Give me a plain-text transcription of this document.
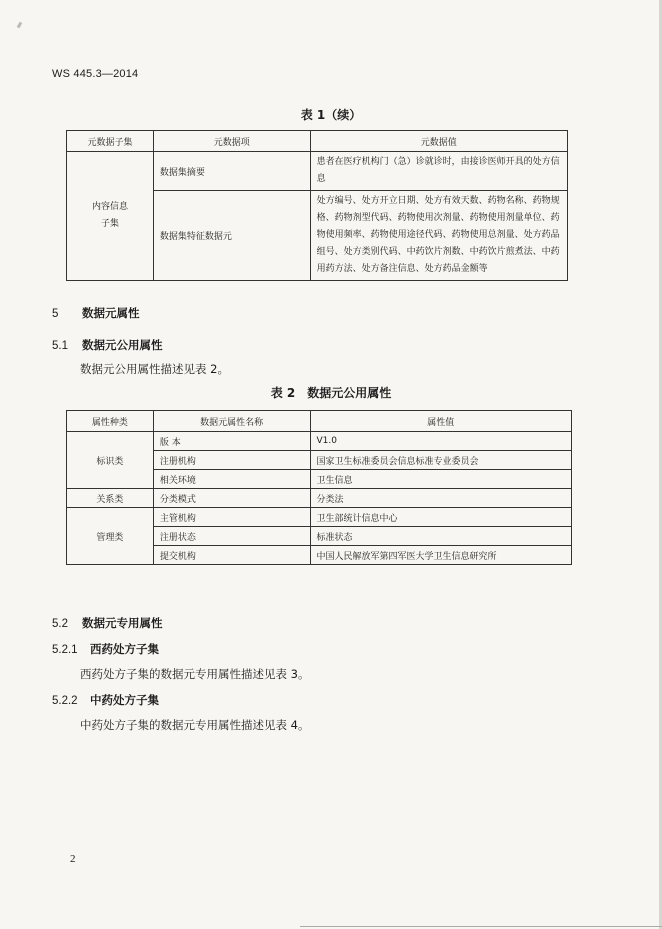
WS 445.3—2014
表 1（续）
元数据子集	元数据项	元数据值
内容信息子集	数据集摘要	患者在医疗机构门（急）诊就诊时，由接诊医师开具的处方信息
	数据集特征数据元	处方编号、处方开立日期、处方有效天数、药物名称、药物规格、药物剂型代码、药物使用次剂量、药物使用剂量单位、药物使用频率、药物使用途径代码、药物使用总剂量、处方药品组号、处方类别代码、中药饮片剂数、中药饮片煎煮法、中药用药方法、处方备注信息、处方药品金额等
5 数据元属性
5.1 数据元公用属性
数据元公用属性描述见表 2。
表 2　数据元公用属性
属性种类	数据元属性名称	属性值
标识类	版 本	V1.0
	注册机构	国家卫生标准委员会信息标准专业委员会
	相关环境	卫生信息
关系类	分类模式	分类法
管理类	主管机构	卫生部统计信息中心
	注册状态	标准状态
	提交机构	中国人民解放军第四军医大学卫生信息研究所
5.2 数据元专用属性
5.2.1 西药处方子集
西药处方子集的数据元专用属性描述见表 3。
5.2.2 中药处方子集
中药处方子集的数据元专用属性描述见表 4。
2
